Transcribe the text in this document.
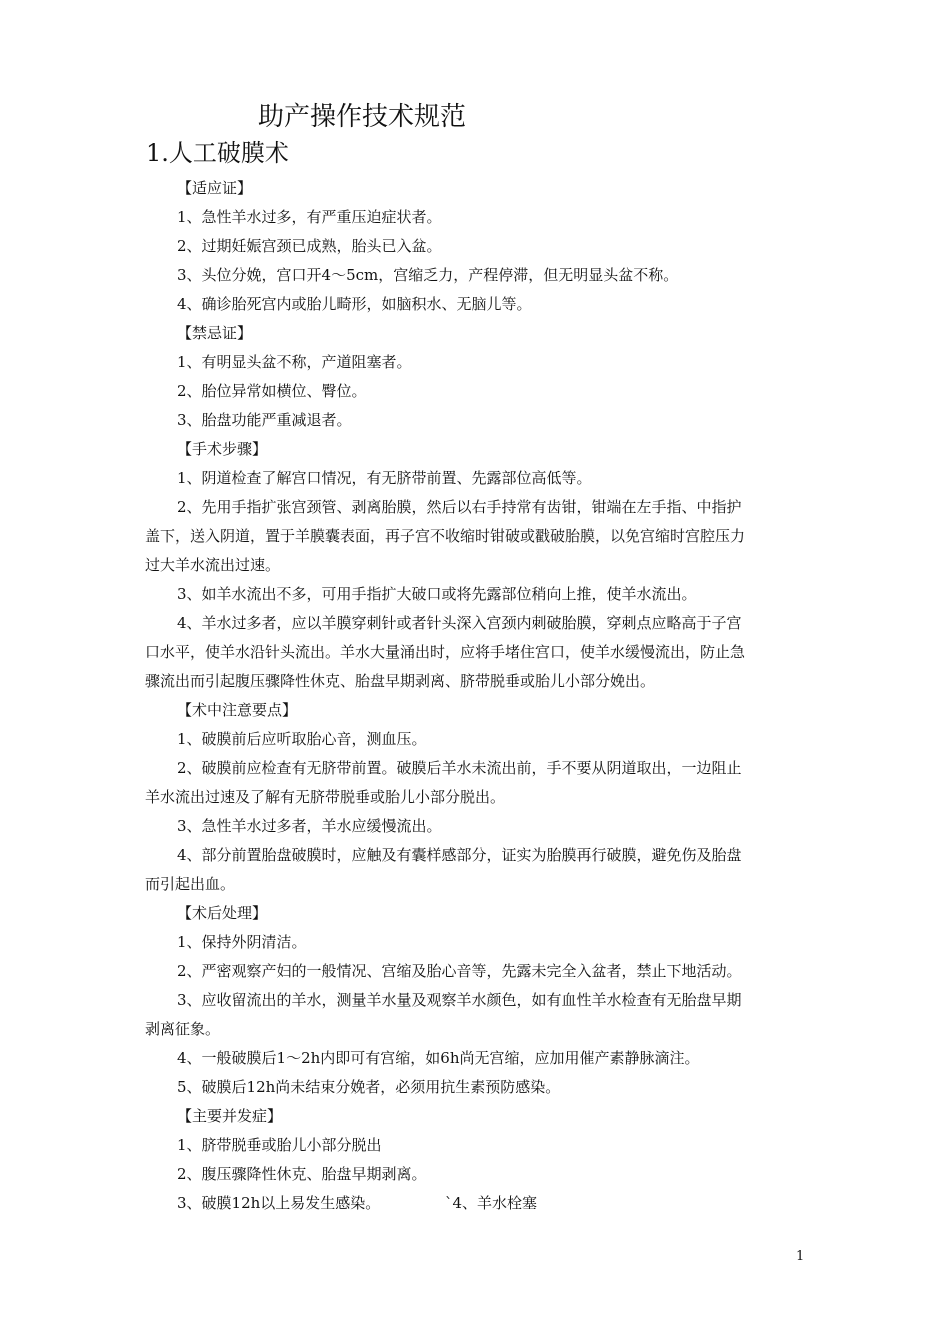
助产操作技术规范
1.人工破膜术
【适应证】
1、急性羊水过多，有严重压迫症状者。
2、过期妊娠宫颈已成熟，胎头已入盆。
3、头位分娩，宫口开4～5cm，宫缩乏力，产程停滞，但无明显头盆不称。
4、确诊胎死宫内或胎儿畸形，如脑积水、无脑儿等。
【禁忌证】
1、有明显头盆不称，产道阻塞者。
2、胎位异常如横位、臀位。
3、胎盘功能严重减退者。
【手术步骤】
1、阴道检查了解宫口情况，有无脐带前置、先露部位高低等。
2、先用手指扩张宫颈管、剥离胎膜，然后以右手持常有齿钳，钳端在左手指、中指护
盖下，送入阴道，置于羊膜囊表面，再子宫不收缩时钳破或戳破胎膜，以免宫缩时宫腔压力
过大羊水流出过速。
3、如羊水流出不多，可用手指扩大破口或将先露部位稍向上推，使羊水流出。
4、羊水过多者，应以羊膜穿刺针或者针头深入宫颈内刺破胎膜，穿刺点应略高于子宫
口水平，使羊水沿针头流出。羊水大量涌出时，应将手堵住宫口，使羊水缓慢流出，防止急
骤流出而引起腹压骤降性休克、胎盘早期剥离、脐带脱垂或胎儿小部分娩出。
【术中注意要点】
1、破膜前后应听取胎心音，测血压。
2、破膜前应检查有无脐带前置。破膜后羊水未流出前，手不要从阴道取出，一边阻止
羊水流出过速及了解有无脐带脱垂或胎儿小部分脱出。
3、急性羊水过多者，羊水应缓慢流出。
4、部分前置胎盘破膜时，应触及有囊样感部分，证实为胎膜再行破膜，避免伤及胎盘
而引起出血。
【术后处理】
1、保持外阴清洁。
2、严密观察产妇的一般情况、宫缩及胎心音等，先露未完全入盆者，禁止下地活动。
3、应收留流出的羊水，测量羊水量及观察羊水颜色，如有血性羊水检查有无胎盘早期
剥离征象。
4、一般破膜后1～2h内即可有宫缩，如6h尚无宫缩，应加用催产素静脉滴注。
5、破膜后12h尚未结束分娩者，必须用抗生素预防感染。
【主要并发症】
1、脐带脱垂或胎儿小部分脱出
2、腹压骤降性休克、胎盘早期剥离。
3、破膜12h以上易发生感染。	`4、羊水栓塞
1
